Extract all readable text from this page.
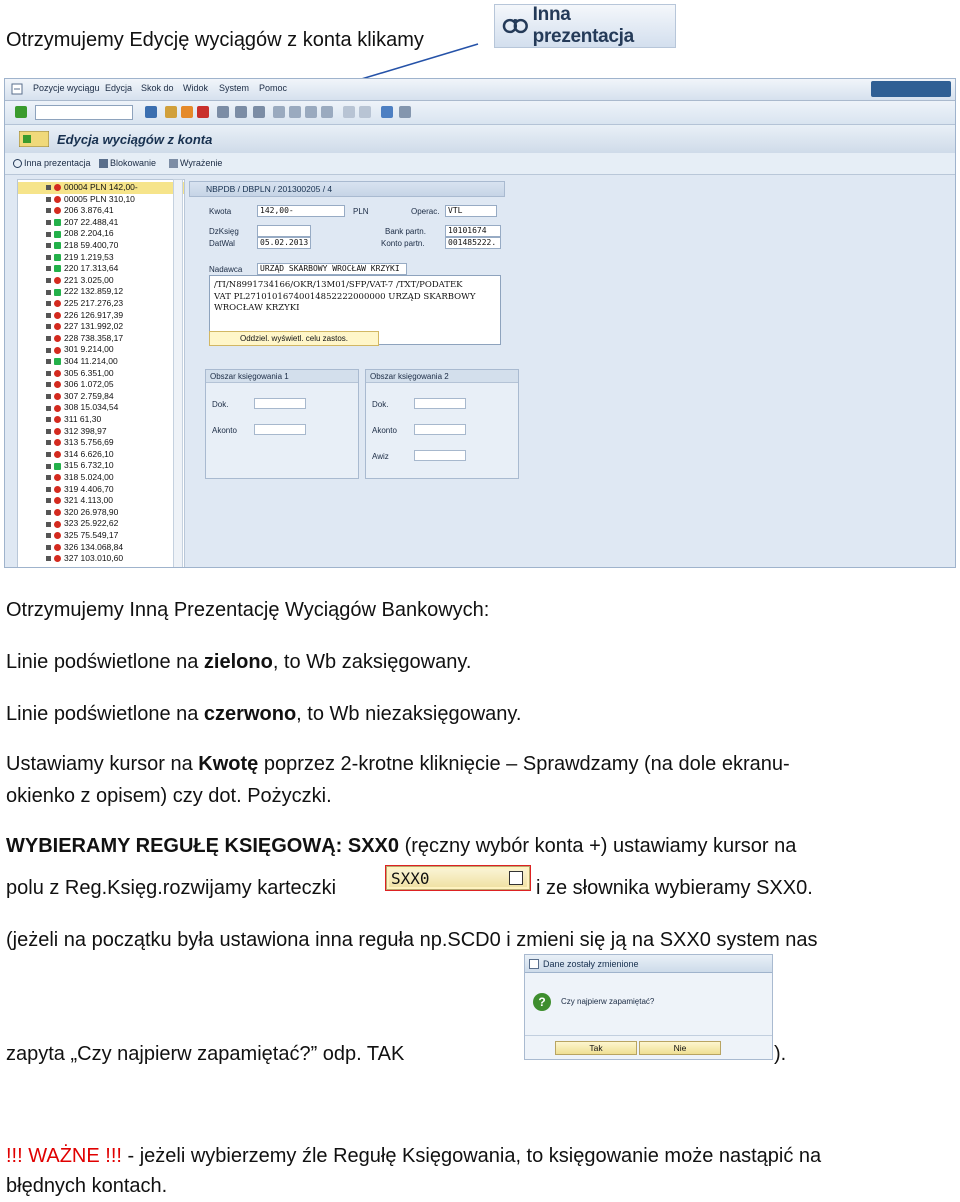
Otrzymujemy Edycję wyciągów z konta klikamy
Inna prezentacja
Pozycje wyciągu Edycja Skok do Widok System Pomoc
Edycja wyciągów z konta
Inna prezentacja Blokowanie	Wyrażenie
00004 PLN 142,00-
00005 PLN 310,10
206 3.876,41
207 22.488,41
208 2.204,16
218 59.400,70
219 1.219,53
220 17.313,64
221 3.025,00
222 132.859,12
225 217.276,23
226 126.917,39
227 131.992,02
228 738.358,17
301 9.214,00
304 11.214,00
305 6.351,00
306 1.072,05
307 2.759,84
308 15.034,54
311 61,30
312 398,97
313 5.756,69
314 6.626,10
315 6.732,10
318 5.024,00
319 4.406,70
321 4.113,00
320 26.978,90
323 25.922,62
325 75.549,17
326 134.068,84
327 103.010,60
NBPDB / DBPLN / 201300205 / 4
Kwota	142,00-	PLN	Operac.	VTL
DzKsięg	Bank partn.	10101674
DatWal	05.02.2013	Konto partn.	001485222.
Nadawca	URZĄD SKARBOWY WROCŁAW KRZYKI
/TI/N8991734166/OKR/13M01/SFP/VAT-7 /TXT/PODATEK
VAT PL27101016740014852222000000 URZĄD SKARBOWY
WROCŁAW KRZYKI
Oddziel. wyświetl. celu zastos.
Obszar księgowania 1
Dok.
Akonto
Obszar księgowania 2
Dok.
Akonto
Awiz
Otrzymujemy Inną Prezentację Wyciągów Bankowych:
Linie podświetlone na zielono, to Wb zaksięgowany.
Linie podświetlone na czerwono, to Wb niezaksięgowany.
Ustawiamy kursor na Kwotę poprzez 2-krotne kliknięcie – Sprawdzamy (na dole ekranu-
okienko z opisem) czy dot. Pożyczki.
WYBIERAMY REGUŁĘ KSIĘGOWĄ: SXX0 (ręczny wybór konta +) ustawiamy kursor na
polu z Reg.Księg.rozwijamy karteczki	SXX0	i ze słownika wybieramy SXX0.
(jeżeli na początku była ustawiona inna reguła np.SCD0 i zmieni się ją na SXX0 system nas
Dane zostały zmienione
?	Czy najpierw zapamiętać?
Tak	Nie
zapyta „Czy najpierw zapamiętać?” odp. TAK	).
!!! WAŻNE !!! - jeżeli wybierzemy źle Regułę Księgowania, to księgowanie może nastąpić na
błędnych kontach.
